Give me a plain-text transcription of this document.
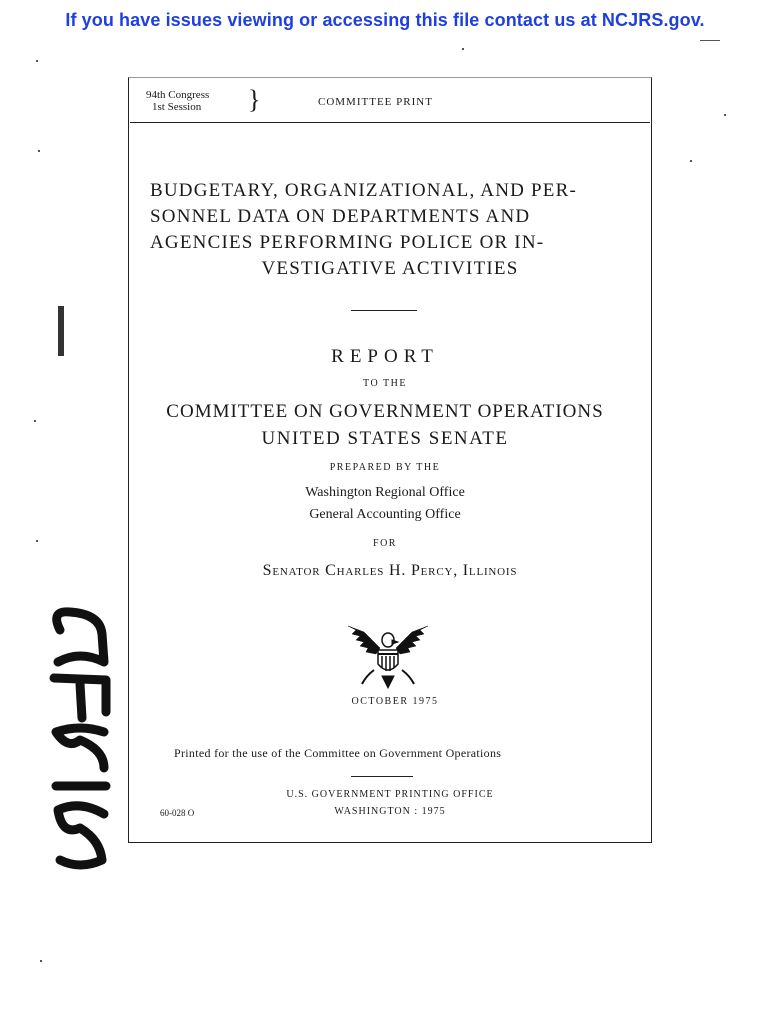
If you have issues viewing or accessing this file contact us at NCJRS.gov.
94th Congress
1st Session	}	COMMITTEE PRINT
BUDGETARY, ORGANIZATIONAL, AND PER-
SONNEL DATA ON DEPARTMENTS AND
AGENCIES PERFORMING POLICE OR IN-
VESTIGATIVE ACTIVITIES
REPORT
TO THE
COMMITTEE ON GOVERNMENT OPERATIONS
UNITED STATES SENATE
PREPARED BY THE
Washington Regional Office
General Accounting Office
FOR
Senator Charles H. Percy, Illinois
OCTOBER 1975
Printed for the use of the Committee on Government Operations
U.S. GOVERNMENT PRINTING OFFICE
WASHINGTON : 1975
60-028 O
